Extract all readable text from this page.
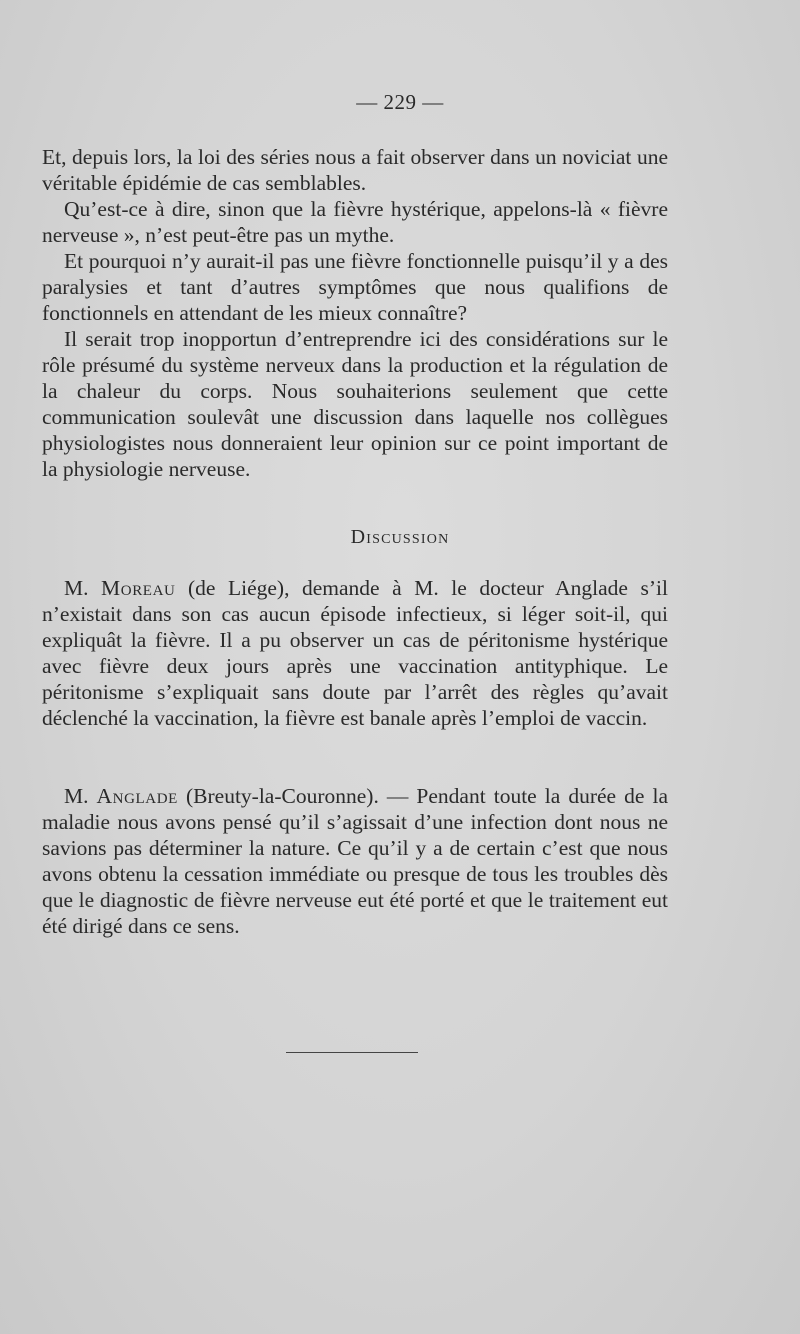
— 229 —

Et, depuis lors, la loi des séries nous a fait observer dans un noviciat une véritable épidémie de cas semblables.

Qu’est-ce à dire, sinon que la fièvre hystérique, appelons-là « fièvre nerveuse », n’est peut-être pas un mythe.

Et pourquoi n’y aurait-il pas une fièvre fonctionnelle puisqu’il y a des paralysies et tant d’autres symptômes que nous qualifions de fonctionnels en attendant de les mieux connaître?

Il serait trop inopportun d’entreprendre ici des considérations sur le rôle présumé du système nerveux dans la production et la régulation de la chaleur du corps. Nous souhaiterions seulement que cette communication soulevât une discussion dans laquelle nos collègues physiologistes nous donneraient leur opinion sur ce point important de la physiologie nerveuse.

Discussion

M. Moreau (de Liége), demande à M. le docteur Anglade s’il n’existait dans son cas aucun épisode infectieux, si léger soit-il, qui expliquât la fièvre. Il a pu observer un cas de péritonisme hystérique avec fièvre deux jours après une vaccination antityphique. Le péritonisme s’expliquait sans doute par l’arrêt des règles qu’avait déclenché la vaccination, la fièvre est banale après l’emploi de vaccin.

M. Anglade (Breuty-la-Couronne). — Pendant toute la durée de la maladie nous avons pensé qu’il s’agissait d’une infection dont nous ne savions pas déterminer la nature. Ce qu’il y a de certain c’est que nous avons obtenu la cessation immédiate ou presque de tous les troubles dès que le diagnostic de fièvre nerveuse eut été porté et que le traitement eut été dirigé dans ce sens.
